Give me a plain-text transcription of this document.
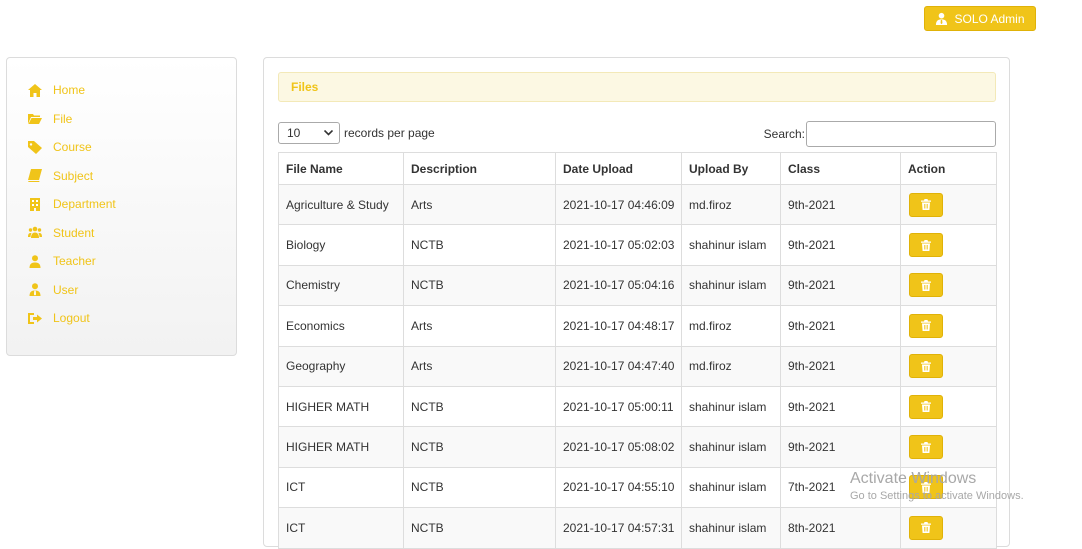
SOLO Admin
Home
File
Course
Subject
Department
Student
Teacher
User
Logout
Files
10	records per page	Search:
File Name	Description	Date Upload	Upload By	Class	Action
Agriculture & Study	Arts	2021-10-17 04:46:09	md.firoz	9th-2021	

Biology	NCTB	2021-10-17 05:02:03	shahinur islam	9th-2021	

Chemistry	NCTB	2021-10-17 05:04:16	shahinur islam	9th-2021	

Economics	Arts	2021-10-17 04:48:17	md.firoz	9th-2021	

Geography	Arts	2021-10-17 04:47:40	md.firoz	9th-2021	

HIGHER MATH	NCTB	2021-10-17 05:00:11	shahinur islam	9th-2021	

HIGHER MATH	NCTB	2021-10-17 05:08:02	shahinur islam	9th-2021	

ICT	NCTB	2021-10-17 04:55:10	shahinur islam	7th-2021	

ICT	NCTB	2021-10-17 04:57:31	shahinur islam	8th-2021	
Activate Windows
Go to Settings to activate Windows.
